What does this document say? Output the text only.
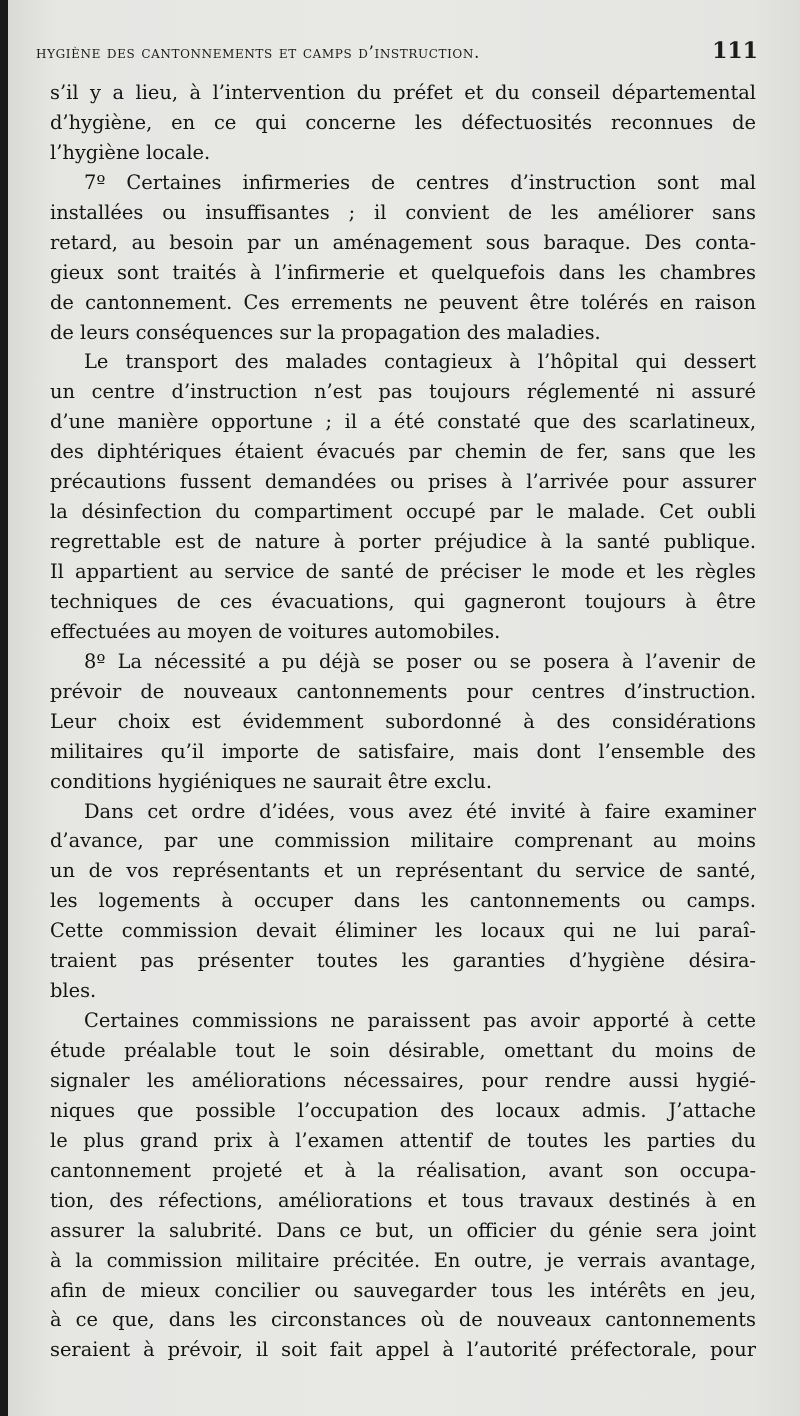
hygiène des cantonnements et camps d’instruction.	111
s’il y a lieu, à l’intervention du préfet et du conseil départemental
d’hygiène, en ce qui concerne les défectuosités reconnues de
l’hygiène locale.
7º Certaines infirmeries de centres d’instruction sont mal
installées ou insuffisantes ; il convient de les améliorer sans
retard, au besoin par un aménagement sous baraque. Des conta-
gieux sont traités à l’infirmerie et quelquefois dans les chambres
de cantonnement. Ces errements ne peuvent être tolérés en raison
de leurs conséquences sur la propagation des maladies.
Le transport des malades contagieux à l’hôpital qui dessert
un centre d’instruction n’est pas toujours réglementé ni assuré
d’une manière opportune ; il a été constaté que des scarlatineux,
des diphtériques étaient évacués par chemin de fer, sans que les
précautions fussent demandées ou prises à l’arrivée pour assurer
la désinfection du compartiment occupé par le malade. Cet oubli
regrettable est de nature à porter préjudice à la santé publique.
Il appartient au service de santé de préciser le mode et les règles
techniques de ces évacuations, qui gagneront toujours à être
effectuées au moyen de voitures automobiles.
8º La nécessité a pu déjà se poser ou se posera à l’avenir de
prévoir de nouveaux cantonnements pour centres d’instruction.
Leur choix est évidemment subordonné à des considérations
militaires qu’il importe de satisfaire, mais dont l’ensemble des
conditions hygiéniques ne saurait être exclu.
Dans cet ordre d’idées, vous avez été invité à faire examiner
d’avance, par une commission militaire comprenant au moins
un de vos représentants et un représentant du service de santé,
les logements à occuper dans les cantonnements ou camps.
Cette commission devait éliminer les locaux qui ne lui paraî-
traient pas présenter toutes les garanties d’hygiène désira-
bles.
Certaines commissions ne paraissent pas avoir apporté à cette
étude préalable tout le soin désirable, omettant du moins de
signaler les améliorations nécessaires, pour rendre aussi hygié-
niques que possible l’occupation des locaux admis. J’attache
le plus grand prix à l’examen attentif de toutes les parties du
cantonnement projeté et à la réalisation, avant son occupa-
tion, des réfections, améliorations et tous travaux destinés à en
assurer la salubrité. Dans ce but, un officier du génie sera joint
à la commission militaire précitée. En outre, je verrais avantage,
afin de mieux concilier ou sauvegarder tous les intérêts en jeu,
à ce que, dans les circonstances où de nouveaux cantonnements
seraient à prévoir, il soit fait appel à l’autorité préfectorale, pour
